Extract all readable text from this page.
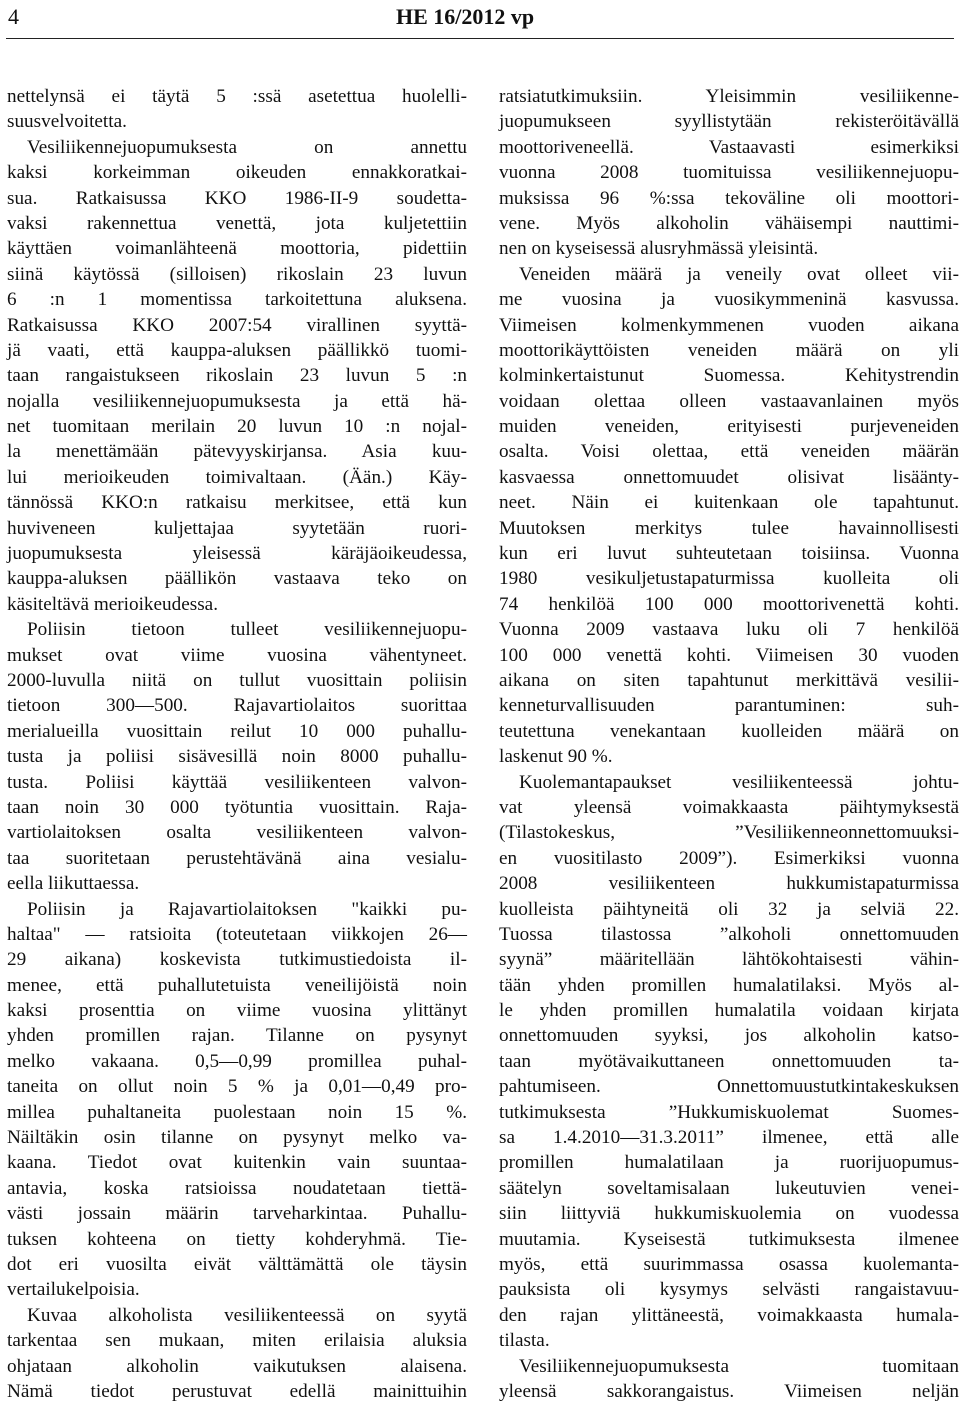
4	HE 16/2012 vp
nettelynsä ei täytä 5 :ssä asetettua huolelli-
suusvelvoitetta.
Vesiliikennejuopumuksesta on annettu
kaksi korkeimman oikeuden ennakkoratkai-
sua. Ratkaisussa KKO 1986-II-9 soudetta-
vaksi rakennettua venettä, jota kuljetettiin
käyttäen voimanlähteenä moottoria, pidettiin
siinä käytössä (silloisen) rikoslain 23 luvun
6 :n 1 momentissa tarkoitettuna aluksena.
Ratkaisussa KKO 2007:54 virallinen syyttä-
jä vaati, että kauppa-aluksen päällikkö tuomi-
taan rangaistukseen rikoslain 23 luvun 5 :n
nojalla vesiliikennejuopumuksesta ja että hä-
net tuomitaan merilain 20 luvun 10 :n nojal-
la menettämään pätevyyskirjansa. Asia kuu-
lui merioikeuden toimivaltaan. (Ään.) Käy-
tännössä KKO:n ratkaisu merkitsee, että kun
huviveneen kuljettajaa syytetään ruori-
juopumuksesta yleisessä käräjäoikeudessa,
kauppa-aluksen päällikön vastaava teko on
käsiteltävä merioikeudessa.
Poliisin tietoon tulleet vesiliikennejuopu-
mukset ovat viime vuosina vähentyneet.
2000-luvulla niitä on tullut vuosittain poliisin
tietoon 300—500. Rajavartiolaitos suorittaa
merialueilla vuosittain reilut 10 000 puhallu-
tusta ja poliisi sisävesillä noin 8000 puhallu-
tusta. Poliisi käyttää vesiliikenteen valvon-
taan noin 30 000 työtuntia vuosittain. Raja-
vartiolaitoksen osalta vesiliikenteen valvon-
taa suoritetaan perustehtävänä aina vesialu-
eella liikuttaessa.
Poliisin ja Rajavartiolaitoksen "kaikki pu-
haltaa" — ratsioita (toteutetaan viikkojen 26—
29 aikana) koskevista tutkimustiedoista il-
menee, että puhallutetuista veneilijöistä noin
kaksi prosenttia on viime vuosina ylittänyt
yhden promillen rajan. Tilanne on pysynyt
melko vakaana. 0,5—0,99 promillea puhal-
taneita on ollut noin 5 % ja 0,01—0,49 pro-
millea puhaltaneita puolestaan noin 15 %.
Näiltäkin osin tilanne on pysynyt melko va-
kaana. Tiedot ovat kuitenkin vain suuntaa-
antavia, koska ratsioissa noudatetaan tiettä-
västi jossain määrin tarveharkintaa. Puhallu-
tuksen kohteena on tietty kohderyhmä. Tie-
dot eri vuosilta eivät välttämättä ole täysin
vertailukelpoisia.
Kuvaa alkoholista vesiliikenteessä on syytä
tarkentaa sen mukaan, miten erilaisia aluksia
ohjataan alkoholin vaikutuksen alaisena.
Nämä tiedot perustuvat edellä mainittuihin
ratsiatutkimuksiin. Yleisimmin vesiliikenne-
juopumukseen syyllistytään rekisteröitävällä
moottoriveneellä. Vastaavasti esimerkiksi
vuonna 2008 tuomituissa vesiliikennejuopu-
muksissa 96 %:ssa tekoväline oli moottori-
vene. Myös alkoholin vähäisempi nauttimi-
nen on kyseisessä alusryhmässä yleisintä.
Veneiden määrä ja veneily ovat olleet vii-
me vuosina ja vuosikymmeninä kasvussa.
Viimeisen kolmenkymmenen vuoden aikana
moottorikäyttöisten veneiden määrä on yli
kolminkertaistunut Suomessa. Kehitystrendin
voidaan olettaa olleen vastaavanlainen myös
muiden veneiden, erityisesti purjeveneiden
osalta. Voisi olettaa, että veneiden määrän
kasvaessa onnettomuudet olisivat lisäänty-
neet. Näin ei kuitenkaan ole tapahtunut.
Muutoksen merkitys tulee havainnollisesti
kun eri luvut suhteutetaan toisiinsa. Vuonna
1980 vesikuljetustapaturmissa kuolleita oli
74 henkilöä 100 000 moottorivenettä kohti.
Vuonna 2009 vastaava luku oli 7 henkilöä
100 000 venettä kohti. Viimeisen 30 vuoden
aikana on siten tapahtunut merkittävä vesilii-
kenneturvallisuuden parantuminen: suh-
teutettuna venekantaan kuolleiden määrä on
laskenut 90 %.
Kuolemantapaukset vesiliikenteessä johtu-
vat yleensä voimakkaasta päihtymyksestä
(Tilastokeskus, ”Vesiliikenneonnettomuuksi-
en vuositilasto 2009”). Esimerkiksi vuonna
2008 vesiliikenteen hukkumistapaturmissa
kuolleista päihtyneitä oli 32 ja selviä 22.
Tuossa tilastossa ”alkoholi onnettomuuden
syynä” määritellään lähtökohtaisesti vähin-
tään yhden promillen humalatilaksi. Myös al-
le yhden promillen humalatila voidaan kirjata
onnettomuuden syyksi, jos alkoholin katso-
taan myötävaikuttaneen onnettomuuden ta-
pahtumiseen. Onnettomuustutkintakeskuksen
tutkimuksesta ”Hukkumiskuolemat Suomes-
sa 1.4.2010—31.3.2011” ilmenee, että alle
promillen humalatilaan ja ruorijuopumus-
säätelyn soveltamisalaan lukeutuvien venei-
siin liittyviä hukkumiskuolemia on vuodessa
muutamia. Kyseisestä tutkimuksesta ilmenee
myös, että suurimmassa osassa kuolemanta-
pauksista oli kysymys selvästi rangaistavuu-
den rajan ylittäneestä, voimakkaasta humala-
tilasta.
Vesiliikennejuopumuksesta tuomitaan
yleensä sakkorangaistus. Viimeisen neljän
